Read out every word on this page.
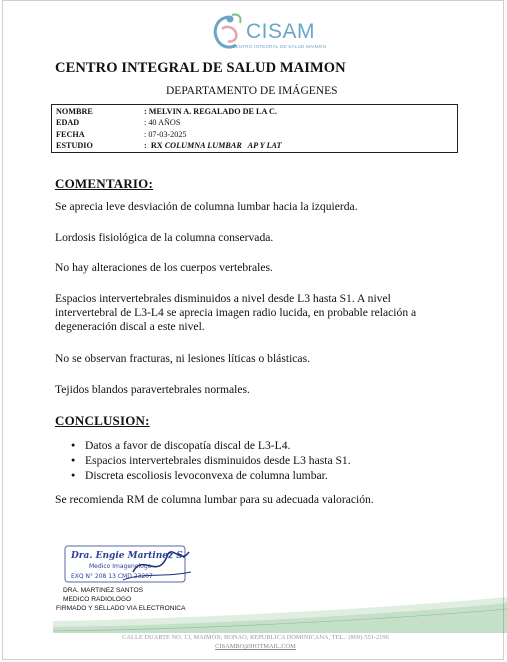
CISAM
CENTRO INTEGRAL DE SALUD MAIMON
CENTRO INTEGRAL DE SALUD MAIMON
DEPARTAMENTO DE IMÁGENES
NOMBRE	: MELVIN A. REGALADO DE LA C.
EDAD	: 40 AÑOS
FECHA	: 07-03-2025
ESTUDIO	:  RX COLUMNA LUMBAR   AP Y LAT
COMENTARIO:
Se aprecia leve desviación de columna lumbar hacia la izquierda.
Lordosis fisiológica de la columna conservada.
No hay alteraciones de los cuerpos vertebrales.
Espacios intervertebrales disminuidos a nivel desde L3 hasta S1. A nivel intervertebral de L3-L4 se aprecia imagen radio lucida, en probable relación a degeneración discal a este nivel.
No se observan fracturas, ni lesiones líticas o blásticas.
Tejidos blandos paravertebrales normales.
CONCLUSION:
● Datos a favor de discopatía discal de L3-L4.
● Espacios intervertebrales disminuidos desde L3 hasta S1.
● Discreta escoliosis levoconvexa de columna lumbar.
Se recomienda RM de columna lumbar para su adecuada valoración.
Dra. Engie Martinez S.
Medico Imagenologo
EXQ N° 208 13 CMD 23207
DRA. MARTINEZ SANTOS
MEDICO RADIOLOGO
FIRMADO Y SELLADO VIA ELECTRONICA
CALLE DUARTE NO. 13, MAIMÓN, BONAO, REPUBLICA DOMINICANA, TEL.: (809)-551-2196
CISAMBO@HOTMAIL.COM
